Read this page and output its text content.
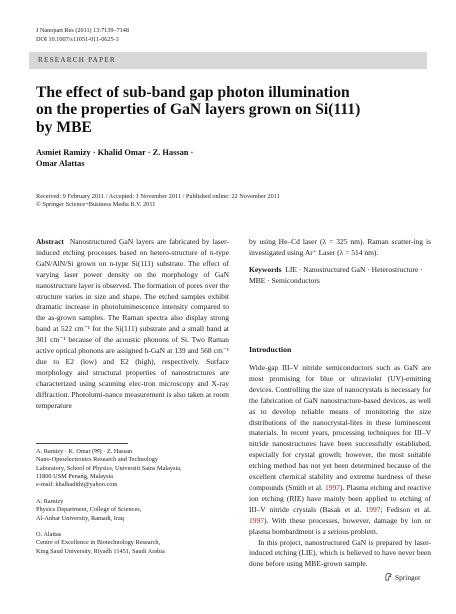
J Nanopart Res (2011) 13:7139–7148
DOI 10.1007/s11051-011-0625-3
RESEARCH PAPER
The effect of sub-band gap photon illumination
on the properties of GaN layers grown on Si(111)
by MBE
Asmiet Ramizy · Khalid Omar · Z. Hassan ·
Omar Alattas
Received: 9 February 2011 / Accepted: 1 November 2011 / Published online: 22 November 2011
© Springer Science+Business Media B.V. 2011

Abstract Nanostructured GaN layers are fabricated by laser-induced etching processes based on hetero-structure of n-type GaN/AlN/Si grown on n-type Si(111) substrate. The effect of varying laser power density on the morphology of GaN nanostructure layer is observed. The formation of pores over the structure varies in size and shape. The etched samples exhibit dramatic increase in photoluminescence intensity compared to the as-grown samples. The Raman spectra also display strong band at 522 cm⁻¹ for the Si(111) substrate and a small band at 301 cm⁻¹ because of the acoustic phonons of Si. Two Raman active optical phonons are assigned h-GaN at 139 and 568 cm⁻¹ due to E2 (low) and E2 (high), respectively. Surface morphology and structural properties of nanostructures are characterized using scanning elec-tron microscopy and X-ray diffraction. Photolumi-nance measurement is also taken at room temperature

A. Ramizy · K. Omar (✉) · Z. Hassan
Nano-Optoelectronics Research and Technology
Laboratory, School of Physics, Universiti Sains Malaysia,
11800 USM Penang, Malaysia
e-mail: khalhadithi@yahoo.com
A. Ramizy
Physics Department, College of Sciences,
Al-Anbar University, Ramadi, Iraq
O. Alattas
Centre of Excellence in Biotechnology Research,
King Saud University, Riyadh 11451, Saudi Arabia

by using He–Cd laser (λ = 325 nm). Raman scatter-ing is investigated using Ar⁺ Laser (λ = 514 nm).

Keywords LIE · Nanostructured GaN · Heterostructure · MBE · Semiconductors

Introduction

Wide-gap III–V nitride semiconductors such as GaN are most promising for blue or ultraviolet (UV)-emitting devices. Controlling the size of nanocrystals is necessary for the fabrication of GaN nanostructure-based devices, as well as to develop reliable means of monitoring the size distributions of the nanocrystal-lites in these luminescent materials. In recent years, processing techniques for III–V nitride nanostructures have been successfully established, especially for crystal growth; however, the most suitable etching method has not yet been determined because of the excellent chemical stability and extreme hardness of these compounds (Smith et al. 1997). Plasma etching and reactive ion etching (RIE) have mainly been applied to etching of III–V nitride crystals (Basak et al. 1997; Fedison et al. 1997). With these processes, however, damage by ion or plasma bombardment is a serious problem.

In this project, nanostructured GaN is prepared by laser-induced etching (LIE), which is believed to have never been done before using MBE-grown sample.

Springer
